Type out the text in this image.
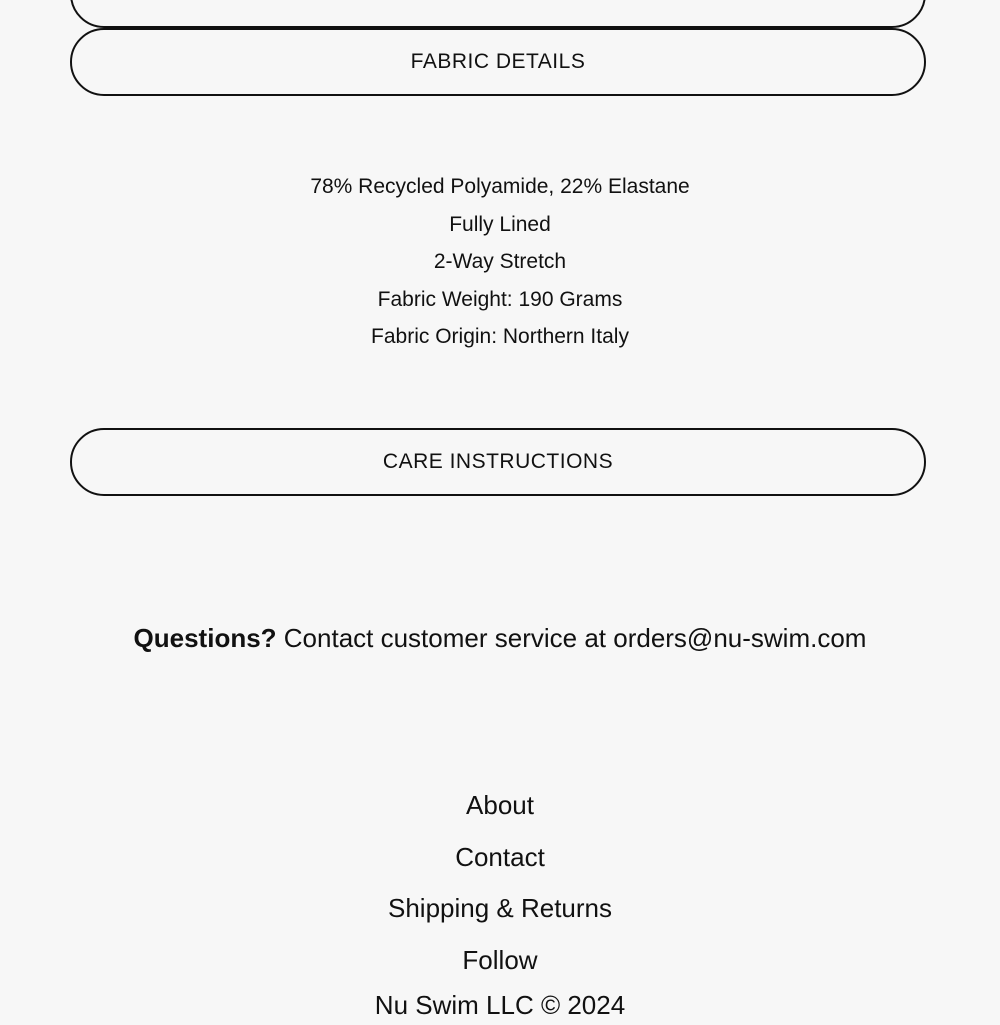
FABRIC DETAILS
78% Recycled Polyamide, 22% Elastane
Fully Lined
2-Way Stretch
Fabric Weight: 190 Grams
Fabric Origin: Northern Italy
CARE INSTRUCTIONS
Questions? Contact customer service at orders@nu-swim.com
About
Contact
Shipping & Returns
Follow
Nu Swim LLC © 2024
